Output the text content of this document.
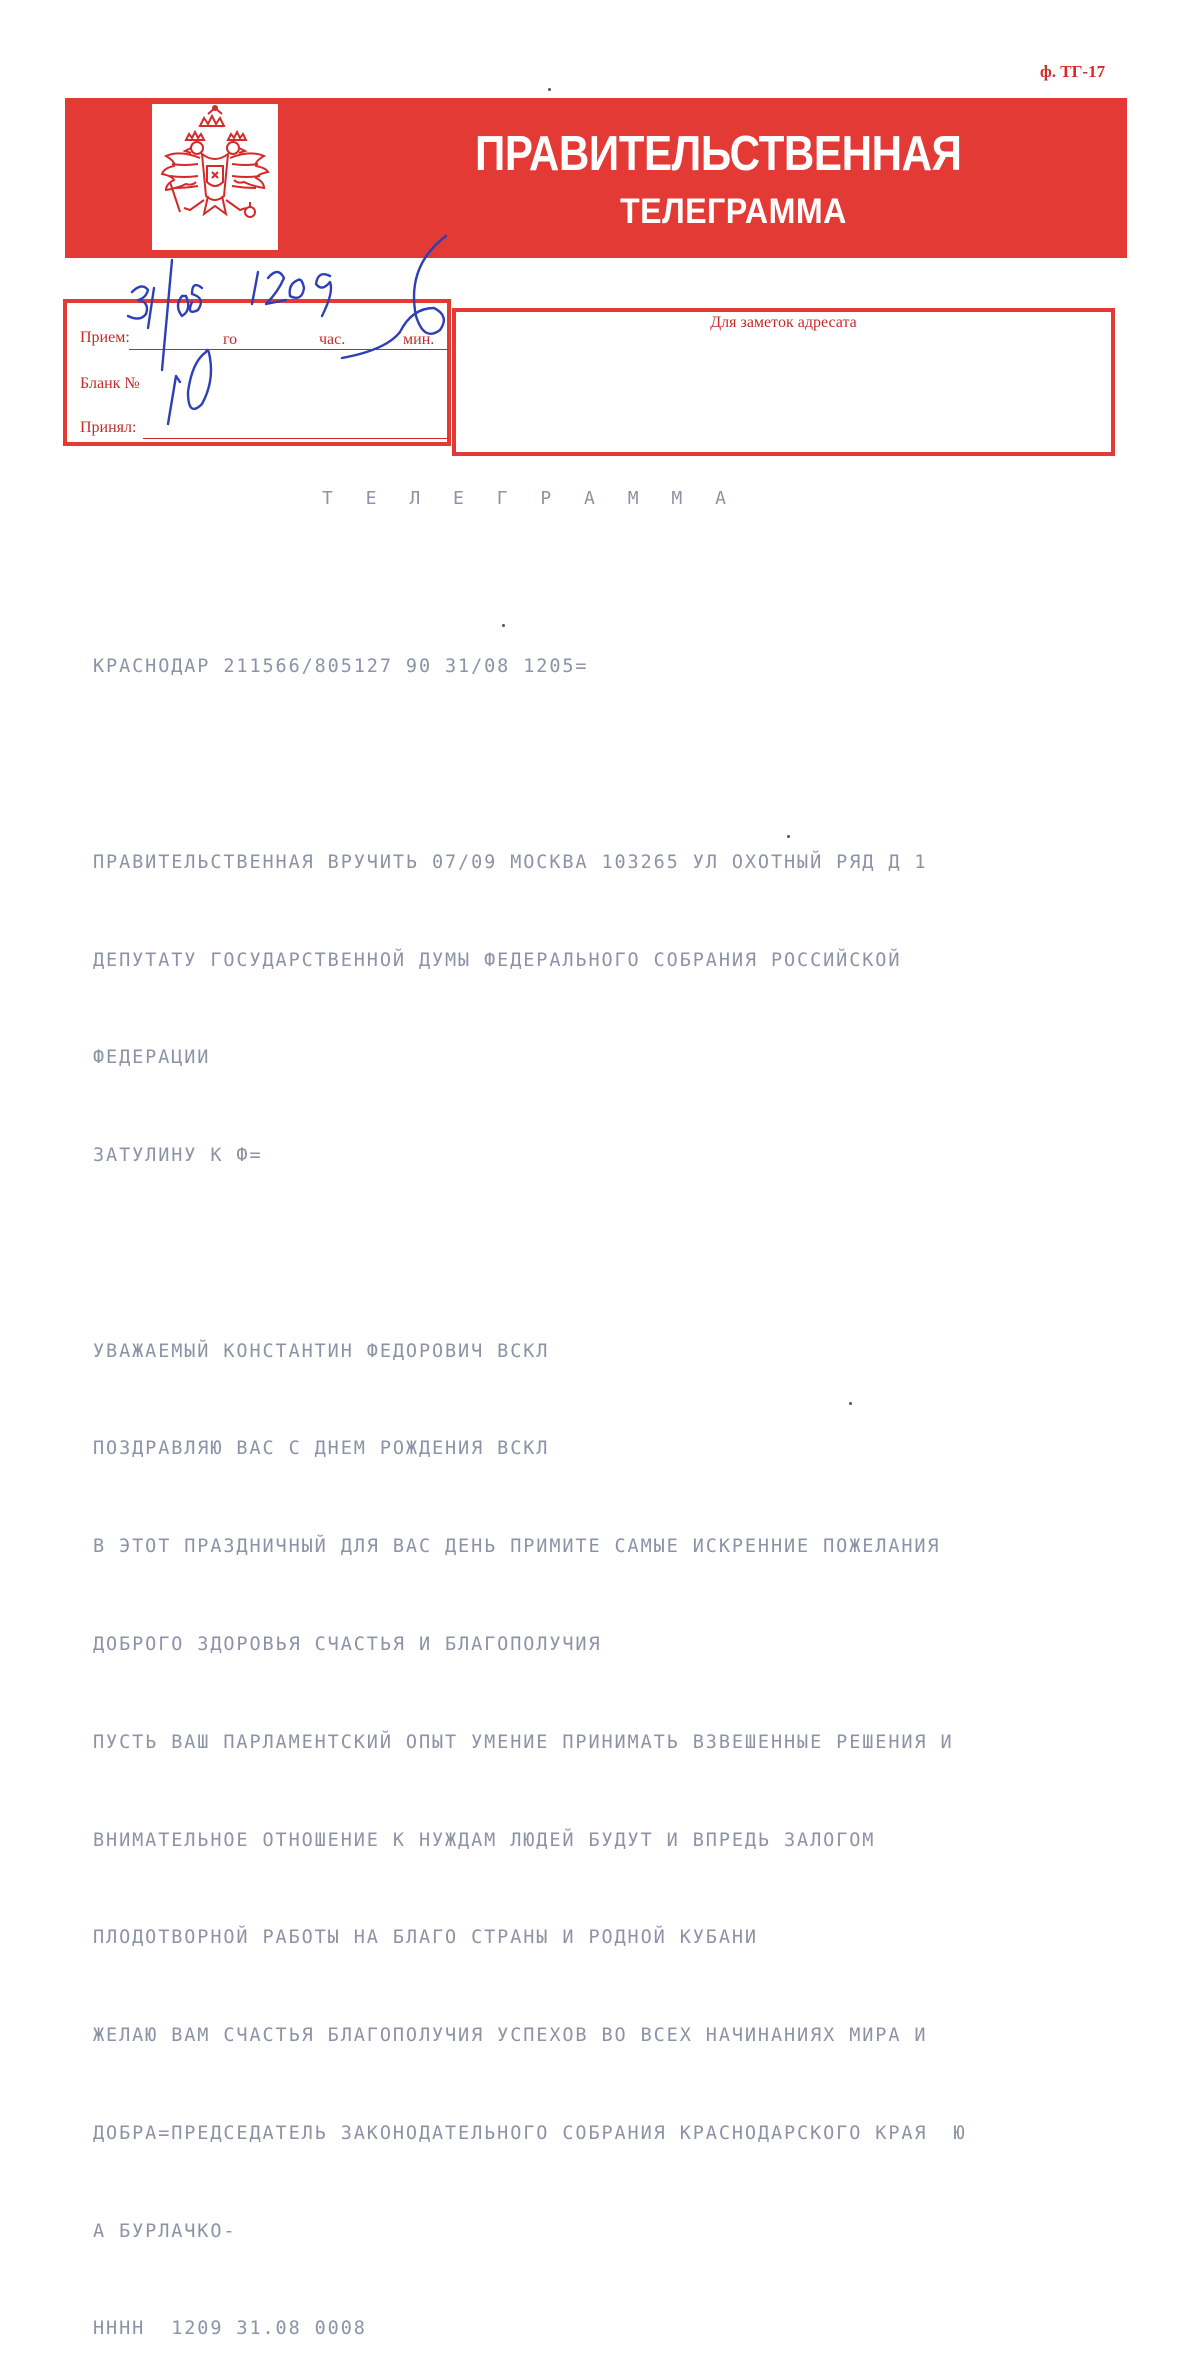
ф. ТГ-17
ПРАВИТЕЛЬСТВЕННАЯ
ТЕЛЕГРАММА
Прием:	го	час.	мин.
Бланк №
Принял:
Для заметок адресата
Т Е Л Е Г Р А М М А

КРАСНОДАР 211566/805127 90 31/08 1205=

ПРАВИТЕЛЬСТВЕННАЯ ВРУЧИТЬ 07/09 МОСКВА 103265 УЛ ОХОТНЫЙ РЯД Д 1

ДЕПУТАТУ ГОСУДАРСТВЕННОЙ ДУМЫ ФЕДЕРАЛЬНОГО СОБРАНИЯ РОССИЙСКОЙ

ФЕДЕРАЦИИ

ЗАТУЛИНУ К Ф=

УВАЖАЕМЫЙ КОНСТАНТИН ФЕДОРОВИЧ ВСКЛ

ПОЗДРАВЛЯЮ ВАС С ДНЕМ РОЖДЕНИЯ ВСКЛ

В ЭТОТ ПРАЗДНИЧНЫЙ ДЛЯ ВАС ДЕНЬ ПРИМИТЕ САМЫЕ ИСКРЕННИЕ ПОЖЕЛАНИЯ

ДОБРОГО ЗДОРОВЬЯ СЧАСТЬЯ И БЛАГОПОЛУЧИЯ

ПУСТЬ ВАШ ПАРЛАМЕНТСКИЙ ОПЫТ УМЕНИЕ ПРИНИМАТЬ ВЗВЕШЕННЫЕ РЕШЕНИЯ И

ВНИМАТЕЛЬНОЕ ОТНОШЕНИЕ К НУЖДАМ ЛЮДЕЙ БУДУТ И ВПРЕДЬ ЗАЛОГОМ

ПЛОДОТВОРНОЙ РАБОТЫ НА БЛАГО СТРАНЫ И РОДНОЙ КУБАНИ

ЖЕЛАЮ ВАМ СЧАСТЬЯ БЛАГОПОЛУЧИЯ УСПЕХОВ ВО ВСЕХ НАЧИНАНИЯХ МИРА И

ДОБРА=ПРЕДСЕДАТЕЛЬ ЗАКОНОДАТЕЛЬНОГО СОБРАНИЯ КРАСНОДАРСКОГО КРАЯ  Ю

А БУРЛАЧКО-

НННН  1209 31.08 0008
